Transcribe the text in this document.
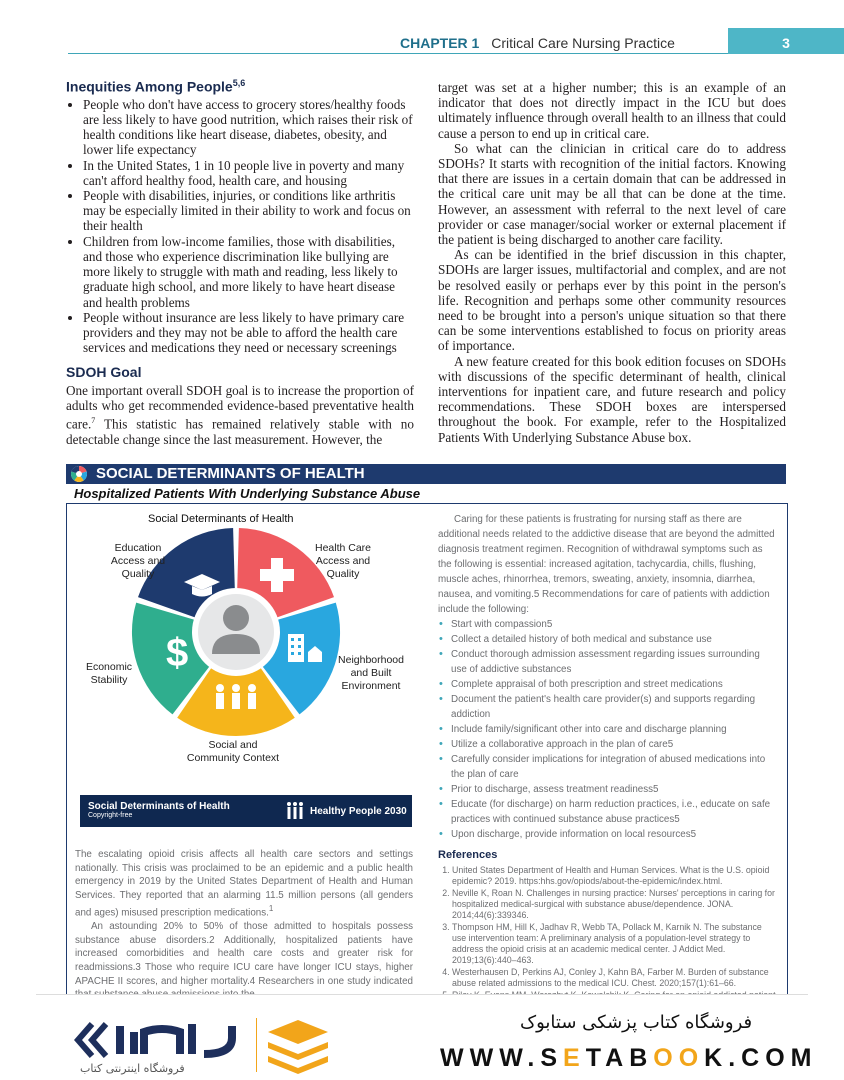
CHAPTER 1 Critical Care Nursing Practice	3
Inequities Among People$^{5,6}$
• People who don't have access to grocery stores/healthy foods are less likely to have good nutrition, which raises their risk of health conditions like heart disease, diabetes, obesity, and lower life expectancy
• In the United States, 1 in 10 people live in poverty and many can't afford healthy food, health care, and housing
• People with disabilities, injuries, or conditions like arthritis may be especially limited in their ability to work and focus on their health
• Children from low-income families, those with disabilities, and those who experience discrimination like bullying are more likely to struggle with math and reading, less likely to graduate high school, and more likely to have heart disease and health problems
• People without insurance are less likely to have primary care providers and they may not be able to afford the health care services and medications they need or necessary screenings
SDOH Goal

One important overall SDOH goal is to increase the proportion of adults who get recommended evidence-based preventative health care.$^7$ This statistic has remained relatively stable with no detectable change since the last measurement. However, the

target was set at a higher number; this is an example of an indicator that does not directly impact in the ICU but does ultimately influence through overall health to an illness that could cause a person to end up in critical care.

So what can the clinician in critical care do to address SDOHs? It starts with recognition of the initial factors. Knowing that there are issues in a certain domain that can be addressed in the critical care unit may be all that can be done at the time. However, an assessment with referral to the next level of care provider or case manager/social worker or external placement if the patient is being discharged to another care facility.

As can be identified in the brief discussion in this chapter, SDOHs are larger issues, multifactorial and complex, and are not be resolved easily or perhaps ever by this point in the person's life. Recognition and perhaps some other community resources need to be brought into a person's unique situation so that there can be some interventions established to focus on priority areas of importance.

A new feature created for this book edition focuses on SDOHs with discussions of the specific determinant of health, clinical interventions for inpatient care, and future research and policy recommendations. These SDOH boxes are interspersed throughout the book. For example, refer to the Hospitalized Patients With Underlying Substance Abuse box.

SOCIAL DETERMINANTS OF HEALTH
Hospitalized Patients With Underlying Substance Abuse
Social Determinants of Health
$
Education
Access and
Quality
Health Care
Access and
Quality
Neighborhood
and Built
Environment
Social and
Community Context
Economic
Stability
Social Determinants of Health
Copyright-free	Healthy People 2030

The escalating opioid crisis affects all health care sectors and settings nationally. This crisis was proclaimed to be an epidemic and a public health emergency in 2019 by the United States Department of Health and Human Services. They reported that an alarming 11.5 million persons (all genders and ages) misused prescription medications.$^1$

An astounding 20% to 50% of those admitted to hospitals possess substance abuse disorders.2 Additionally, hospitalized patients have increased comorbidities and health care costs and greater risk for readmissions.3 Those who require ICU care have longer ICU stays, higher APACHE II scores, and higher mortality.4 Researchers in one study indicated

Caring for these patients is frustrating for nursing staff as there are additional needs related to the addictive disease that are beyond the admitted diagnosis treatment regimen. Recognition of withdrawal symptoms such as the following is essential: increased agitation, tachycardia, chills, flushing, muscle aches, rhinorrhea, tremors, sweating, anxiety, insomnia, diarrhea, nausea, and vomiting.5 Recommendations for care of patients with addiction include the following:

• Start with compassion5
• Collect a detailed history of both medical and substance use
• Conduct thorough admission assessment regarding issues surrounding use of addictive substances
• Complete appraisal of both prescription and street medications
• Document the patient's health care provider(s) and supports regarding addiction
• Include family/significant other into care and discharge planning
• Utilize a collaborative approach in the plan of care5
• Carefully consider implications for integration of abused medications into the plan of care
• Prior to discharge, assess treatment readiness5
• Educate (for discharge) on harm reduction practices, i.e., educate on safe practices with continued substance abuse practices5
• Upon discharge, provide information on local resources5
References
1. United States Department of Health and Human Services. What is the U.S. opioid epidemic? 2019. https:hhs.gov/opiods/about-the-epidemic/index.html.
2. Neville K, Roan N. Challenges in nursing practice: Nurses' perceptions in caring for hospitalized medical-surgical with substance abuse/dependence. JONA. 2014;44(6):339346.
3. Thompson HM, Hill K, Jadhav R, Webb TA, Pollack M, Karnik N. The substance use intervention team: A preliminary analysis of a population-level strategy to address the opioid crisis at an academic medical center. J Addict Med. 2019;13(6):440–463.
4. Westerhausen D, Perkins AJ, Conley J, Kahn BA, Farber M. Burden of substance abuse related admissions to the medical ICU. Chest. 2020;157(1):61–66.
5.
فروشگاه اینترنتی کتاب
فروشگاه کتاب پزشکی ستابوک
WWW.SETABOOK.COM
